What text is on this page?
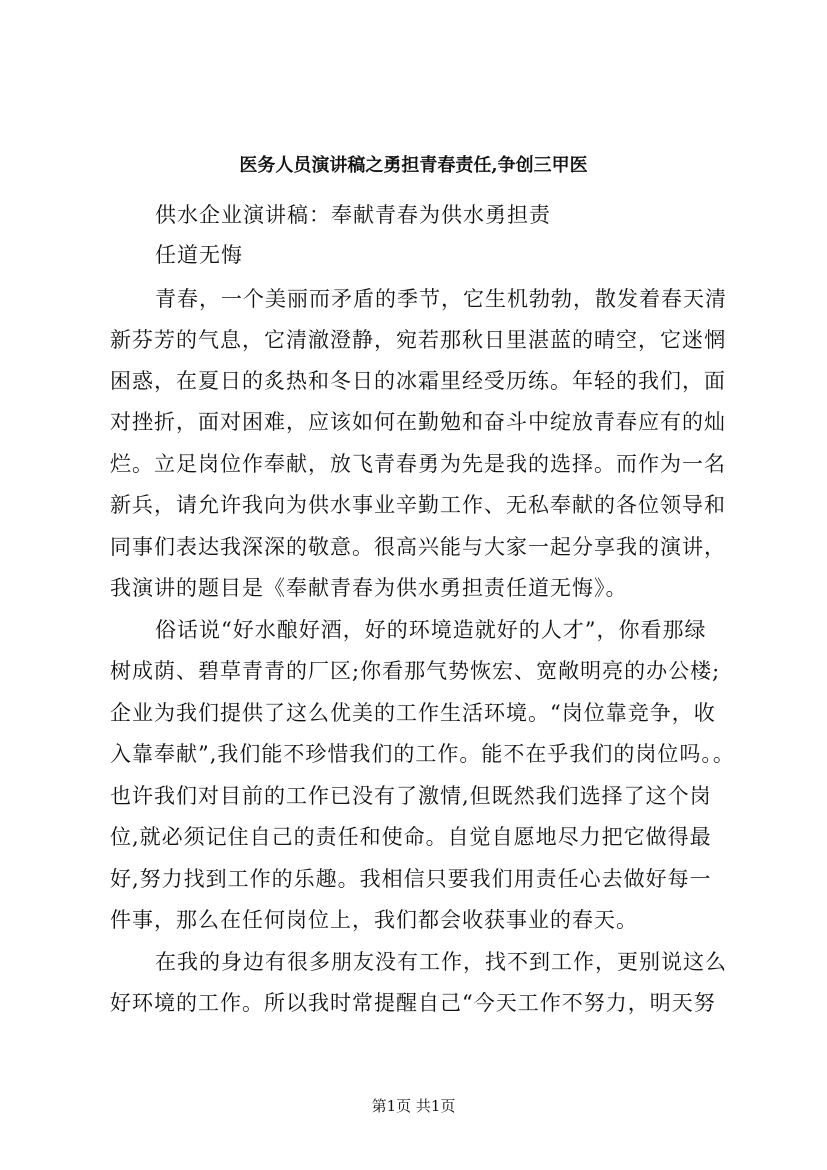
医务人员演讲稿之勇担青春责任,争创三甲医
供水企业演讲稿：奉献青春为供水勇担责
任道无悔
青春，一个美丽而矛盾的季节，它生机勃勃，散发着春天清
新芬芳的气息，它清澈澄静，宛若那秋日里湛蓝的晴空，它迷惘
困惑，在夏日的炙热和冬日的冰霜里经受历练。年轻的我们，面
对挫折，面对困难，应该如何在勤勉和奋斗中绽放青春应有的灿
烂。立足岗位作奉献，放飞青春勇为先是我的选择。而作为一名
新兵，请允许我向为供水事业辛勤工作、无私奉献的各位领导和
同事们表达我深深的敬意。很高兴能与大家一起分享我的演讲，
我演讲的题目是《奉献青春为供水勇担责任道无悔》。
俗话说“好水酿好酒，好的环境造就好的人才”，你看那绿
树成荫、碧草青青的厂区;你看那气势恢宏、宽敞明亮的办公楼;
企业为我们提供了这么优美的工作生活环境。“岗位靠竞争，收
入靠奉献”,我们能不珍惜我们的工作。能不在乎我们的岗位吗。。
也许我们对目前的工作已没有了激情,但既然我们选择了这个岗
位,就必须记住自己的责任和使命。自觉自愿地尽力把它做得最
好,努力找到工作的乐趣。我相信只要我们用责任心去做好每一
件事，那么在任何岗位上，我们都会收获事业的春天。
在我的身边有很多朋友没有工作，找不到工作，更别说这么
好环境的工作。所以我时常提醒自己“今天工作不努力，明天努
第1页 共1页
